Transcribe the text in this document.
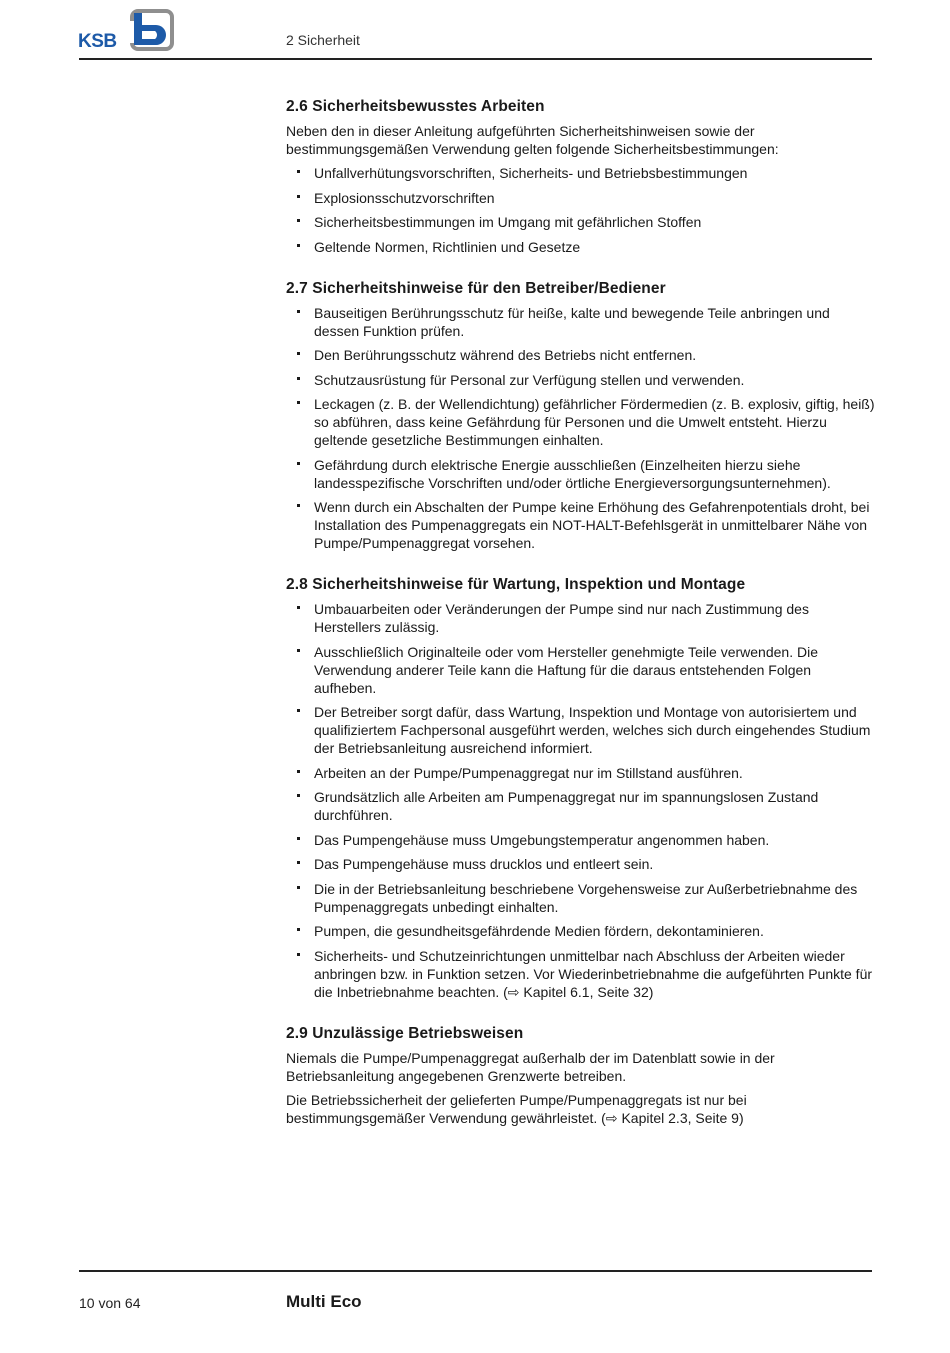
KSB	2 Sicherheit
2.6 Sicherheitsbewusstes Arbeiten

Neben den in dieser Anleitung aufgeführten Sicherheitshinweisen sowie der bestimmungsgemäßen Verwendung gelten folgende Sicherheitsbestimmungen:

Unfallverhütungsvorschriften, Sicherheits- und Betriebsbestimmungen
Explosionsschutzvorschriften
Sicherheitsbestimmungen im Umgang mit gefährlichen Stoffen
Geltende Normen, Richtlinien und Gesetze
2.7 Sicherheitshinweise für den Betreiber/Bediener
Bauseitigen Berührungsschutz für heiße, kalte und bewegende Teile anbringen und dessen Funktion prüfen.
Den Berührungsschutz während des Betriebs nicht entfernen.
Schutzausrüstung für Personal zur Verfügung stellen und verwenden.
Leckagen (z. B. der Wellendichtung) gefährlicher Fördermedien (z. B. explosiv, giftig, heiß) so abführen, dass keine Gefährdung für Personen und die Umwelt entsteht. Hierzu geltende gesetzliche Bestimmungen einhalten.
Gefährdung durch elektrische Energie ausschließen (Einzelheiten hierzu siehe landesspezifische Vorschriften und/oder örtliche Energieversorgungsunternehmen).
Wenn durch ein Abschalten der Pumpe keine Erhöhung des Gefahrenpotentials droht, bei Installation des Pumpenaggregats ein NOT-HALT-Befehlsgerät in unmittelbarer Nähe von Pumpe/Pumpenaggregat vorsehen.
2.8 Sicherheitshinweise für Wartung, Inspektion und Montage
Umbauarbeiten oder Veränderungen der Pumpe sind nur nach Zustimmung des Herstellers zulässig.
Ausschließlich Originalteile oder vom Hersteller genehmigte Teile verwenden. Die Verwendung anderer Teile kann die Haftung für die daraus entstehenden Folgen aufheben.
Der Betreiber sorgt dafür, dass Wartung, Inspektion und Montage von autorisiertem und qualifiziertem Fachpersonal ausgeführt werden, welches sich durch eingehendes Studium der Betriebsanleitung ausreichend informiert.
Arbeiten an der Pumpe/Pumpenaggregat nur im Stillstand ausführen.
Grundsätzlich alle Arbeiten am Pumpenaggregat nur im spannungslosen Zustand durchführen.
Das Pumpengehäuse muss Umgebungstemperatur angenommen haben.
Das Pumpengehäuse muss drucklos und entleert sein.
Die in der Betriebsanleitung beschriebene Vorgehensweise zur Außerbetriebnahme des Pumpenaggregats unbedingt einhalten.
Pumpen, die gesundheitsgefährdende Medien fördern, dekontaminieren.
Sicherheits- und Schutzeinrichtungen unmittelbar nach Abschluss der Arbeiten wieder anbringen bzw. in Funktion setzen. Vor Wiederinbetriebnahme die aufgeführten Punkte für die Inbetriebnahme beachten. (⇨ Kapitel 6.1, Seite 32)
2.9 Unzulässige Betriebsweisen

Niemals die Pumpe/Pumpenaggregat außerhalb der im Datenblatt sowie in der Betriebsanleitung angegebenen Grenzwerte betreiben.

Die Betriebssicherheit der gelieferten Pumpe/Pumpenaggregats ist nur bei bestimmungsgemäßer Verwendung gewährleistet. (⇨ Kapitel 2.3, Seite 9)

10 von 64	Multi Eco
